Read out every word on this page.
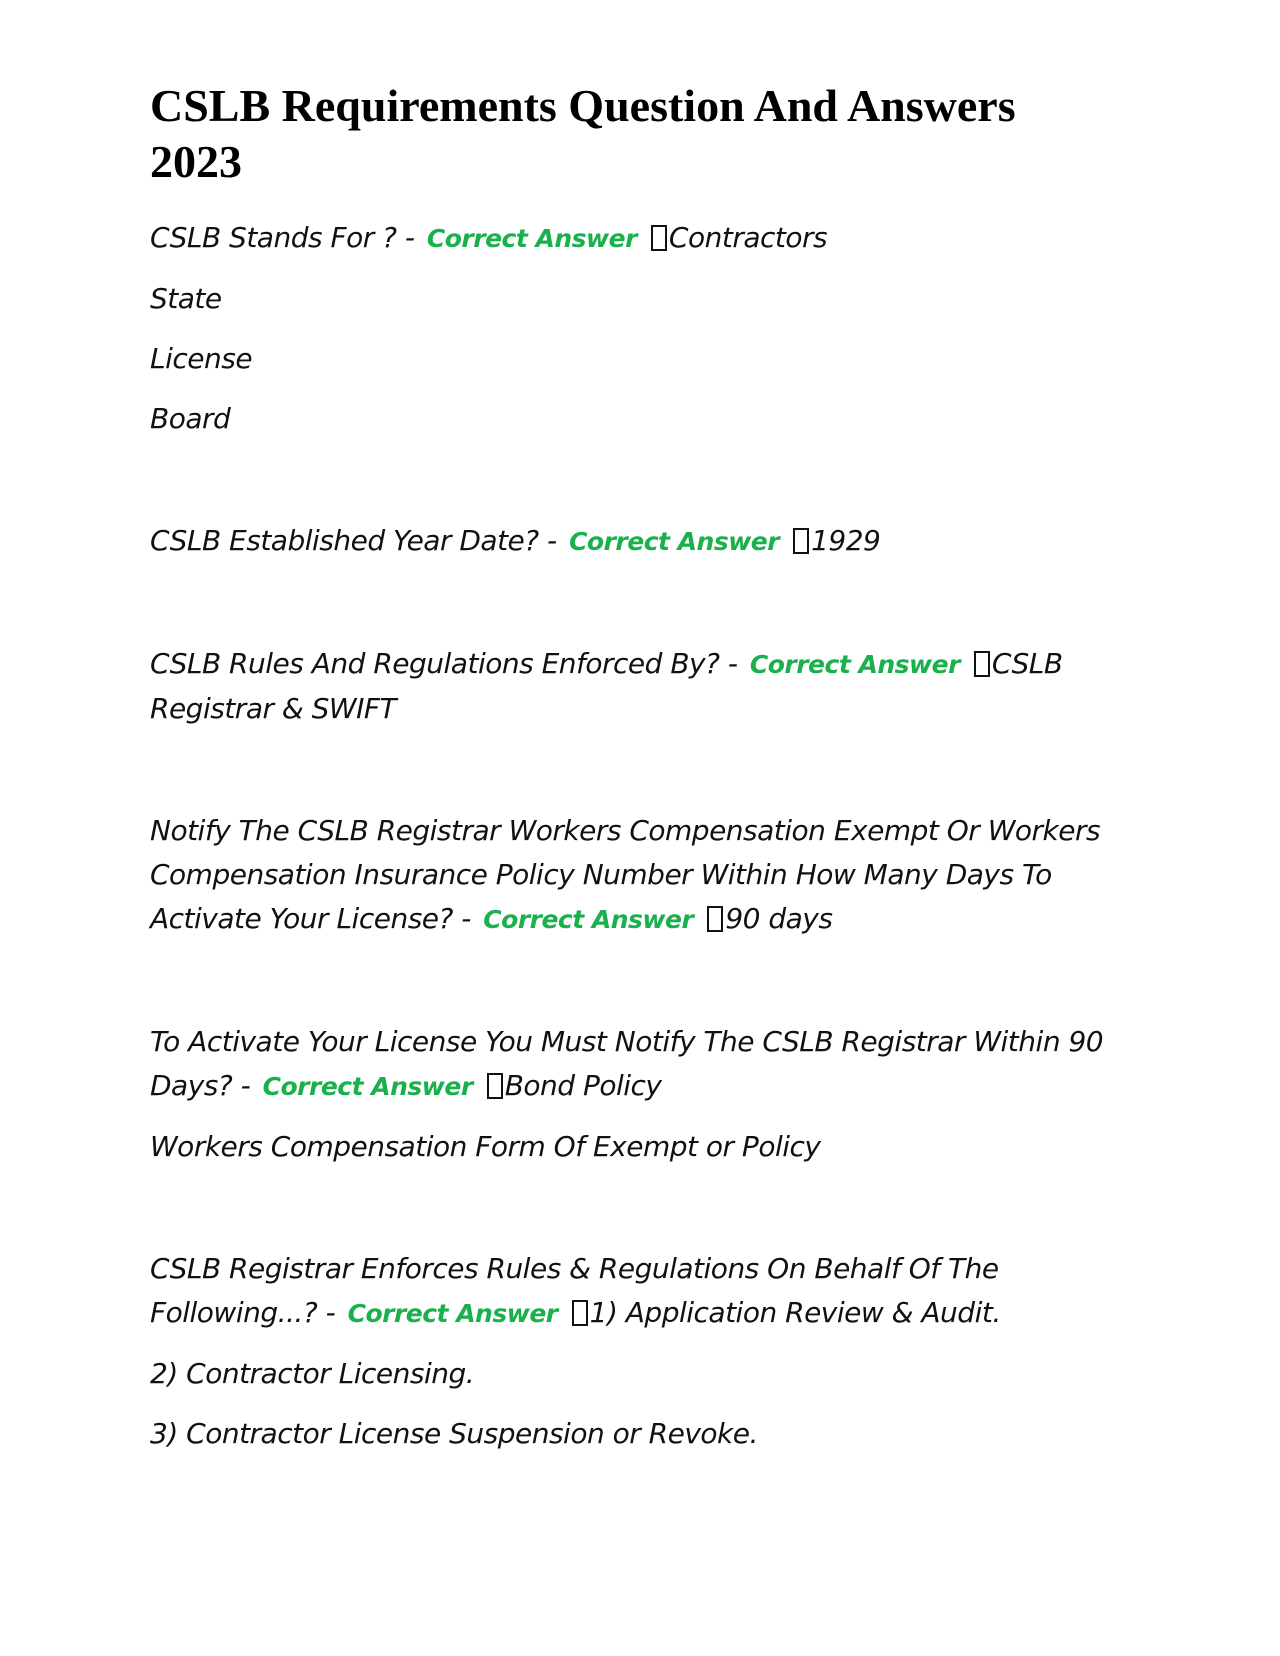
CSLB Requirements Question And Answers 2023

CSLB Stands For ? - Correct Answer Contractors

State

License

Board

CSLB Established Year Date? - Correct Answer 1929

CSLB Rules And Regulations Enforced By? - Correct Answer CSLB

Registrar & SWIFT

Notify The CSLB Registrar Workers Compensation Exempt Or Workers

Compensation Insurance Policy Number Within How Many Days To

Activate Your License? - Correct Answer 90 days

To Activate Your License You Must Notify The CSLB Registrar Within 90

Days? - Correct Answer Bond Policy

Workers Compensation Form Of Exempt or Policy

CSLB Registrar Enforces Rules & Regulations On Behalf Of The

Following...? - Correct Answer 1) Application Review & Audit.

2) Contractor Licensing.

3) Contractor License Suspension or Revoke.
